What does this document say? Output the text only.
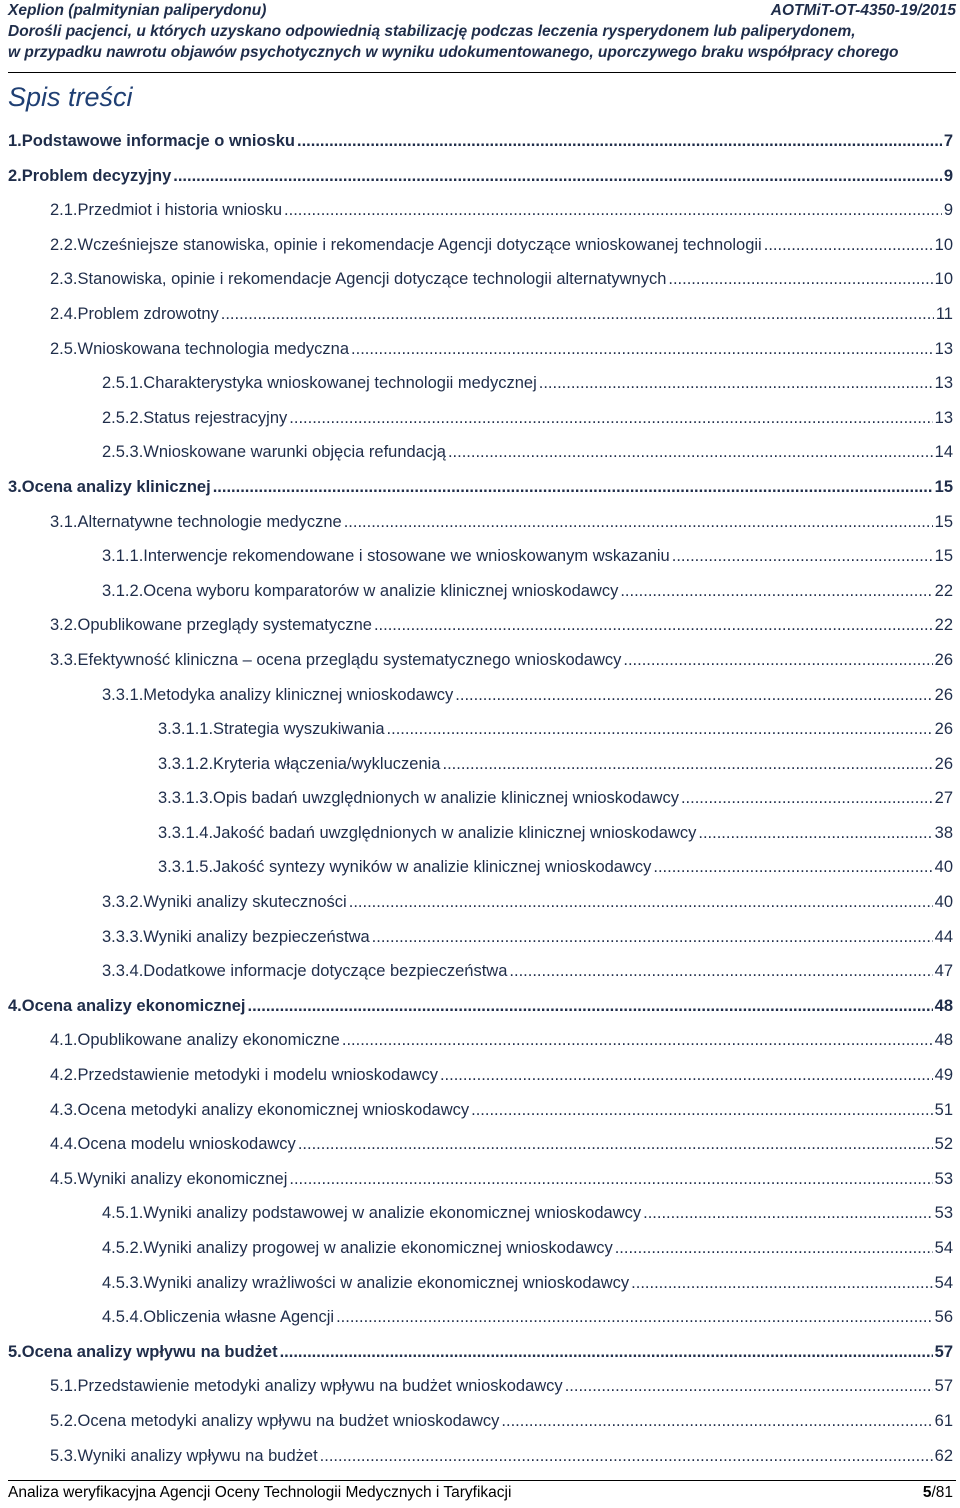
Xeplion (palmitynian paliperydonu)	AOTMiT-OT-4350-19/2015
Dorośli pacjenci, u których uzyskano odpowiednią stabilizację podczas leczenia rysperydonem lub paliperydonem,
w przypadku nawrotu objawów psychotycznych w wyniku udokumentowanego, uporczywego braku współpracy chorego
Spis treści
1. Podstawowe informacje o wniosku .....	7
2. Problem decyzyjny .....	9
2.1. Przedmiot i historia wniosku .....	9
2.2. Wcześniejsze stanowiska, opinie i rekomendacje Agencji dotyczące wnioskowanej technologii .....	10
2.3. Stanowiska, opinie i rekomendacje Agencji dotyczące technologii alternatywnych .....	10
2.4. Problem zdrowotny .....	11
2.5. Wnioskowana technologia medyczna .....	13
2.5.1. Charakterystyka wnioskowanej technologii medycznej .....	13
2.5.2. Status rejestracyjny .....	13
2.5.3. Wnioskowane warunki objęcia refundacją .....	14
3. Ocena analizy klinicznej .....	15
3.1. Alternatywne technologie medyczne .....	15
3.1.1. Interwencje rekomendowane i stosowane we wnioskowanym wskazaniu .....	15
3.1.2. Ocena wyboru komparatorów w analizie klinicznej wnioskodawcy .....	22
3.2. Opublikowane przeglądy systematyczne .....	22
3.3. Efektywność kliniczna – ocena przeglądu systematycznego wnioskodawcy .....	26
3.3.1. Metodyka analizy klinicznej wnioskodawcy .....	26
3.3.1.1. Strategia wyszukiwania .....	26
3.3.1.2. Kryteria włączenia/wykluczenia .....	26
3.3.1.3. Opis badań uwzględnionych w analizie klinicznej wnioskodawcy .....	27
3.3.1.4. Jakość badań uwzględnionych w analizie klinicznej wnioskodawcy .....	38
3.3.1.5. Jakość syntezy wyników w analizie klinicznej wnioskodawcy .....	40
3.3.2. Wyniki analizy skuteczności .....	40
3.3.3. Wyniki analizy bezpieczeństwa .....	44
3.3.4. Dodatkowe informacje dotyczące bezpieczeństwa .....	47
4. Ocena analizy ekonomicznej .....	48
4.1. Opublikowane analizy ekonomiczne .....	48
4.2. Przedstawienie metodyki i modelu wnioskodawcy .....	49
4.3. Ocena metodyki analizy ekonomicznej wnioskodawcy .....	51
4.4. Ocena modelu wnioskodawcy .....	52
4.5. Wyniki analizy ekonomicznej .....	53
4.5.1. Wyniki analizy podstawowej w analizie ekonomicznej wnioskodawcy .....	53
4.5.2. Wyniki analizy progowej w analizie ekonomicznej wnioskodawcy .....	54
4.5.3. Wyniki analizy wrażliwości w analizie ekonomicznej wnioskodawcy .....	54
4.5.4. Obliczenia własne Agencji .....	56
5. Ocena analizy wpływu na budżet .....	57
5.1. Przedstawienie metodyki analizy wpływu na budżet wnioskodawcy .....	57
5.2. Ocena metodyki analizy wpływu na budżet wnioskodawcy .....	61
5.3. Wyniki analizy wpływu na budżet .....	62
Analiza weryfikacyjna Agencji Oceny Technologii Medycznych i Taryfikacji	5/81
